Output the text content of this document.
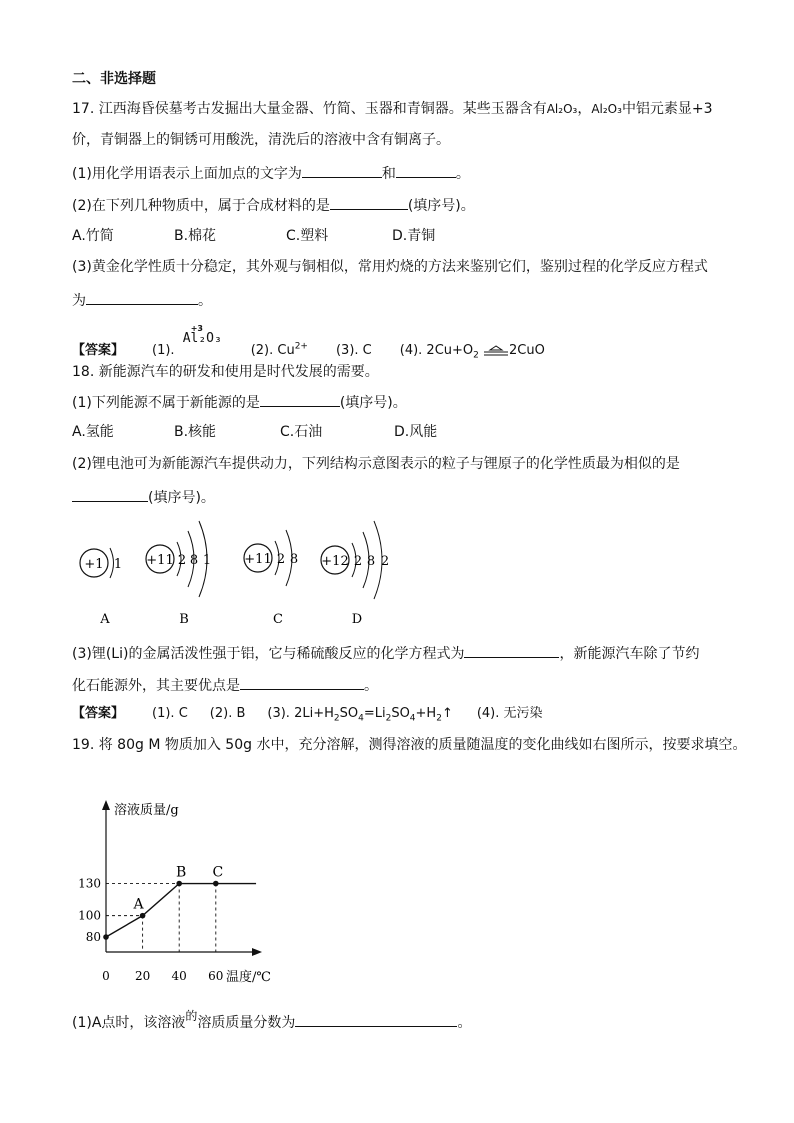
二、非选择题
17. 江西海昏侯墓考古发掘出大量金器、竹简、玉器和青铜器。某些玉器含有Al₂O₃，Al₂O₃中铝元素显+3
价，青铜器上的铜锈可用酸洗，清洗后的溶液中含有铜离子。
(1)用化学用语表示上面加点的文字为	和	。
(2)在下列几种物质中，属于合成材料的是	(填序号)。
A.竹简	B.棉花	C.塑料	D.青铜
(3)黄金化学性质十分稳定，其外观与铜相似，常用灼烧的方法来鉴别它们，鉴别过程的化学反应方程式
为	。
【答案】 (1).
+3
Al₂O₃
(2). $Cu^{2+}$ (3). C (4). $2Cu+O_2$ 2CuO
18. 新能源汽车的研发和使用是时代发展的需要。
(1)下列能源不属于新能源的是	(填序号)。
A.氢能	B.核能	C.石油	D.风能
(2)锂电池可为新能源汽车提供动力，下列结构示意图表示的粒子与锂原子的化学性质最为相似的是
(填序号)。
+1 1
A
+11 2 8 1
B
+11 2 8
C
+12 2 8 2
D
(3)锂(Li)的金属活泼性强于铝，它与稀硫酸反应的化学方程式为	，新能源汽车除了节约
化石能源外，其主要优点是	。
【答案】 (1). C (2). B (3). $2Li+H_2SO_4=Li_2SO_4+H_2↑$ (4). 无污染
19. 将 80g M 物质加入 50g 水中，充分溶解，测得溶液的质量随温度的变化曲线如右图所示，按要求填空。
溶液质量/g
温度/℃
0 20 40 60
80
100
130
A
B C
(1)A点时，该溶液的溶质质量分数为	。
